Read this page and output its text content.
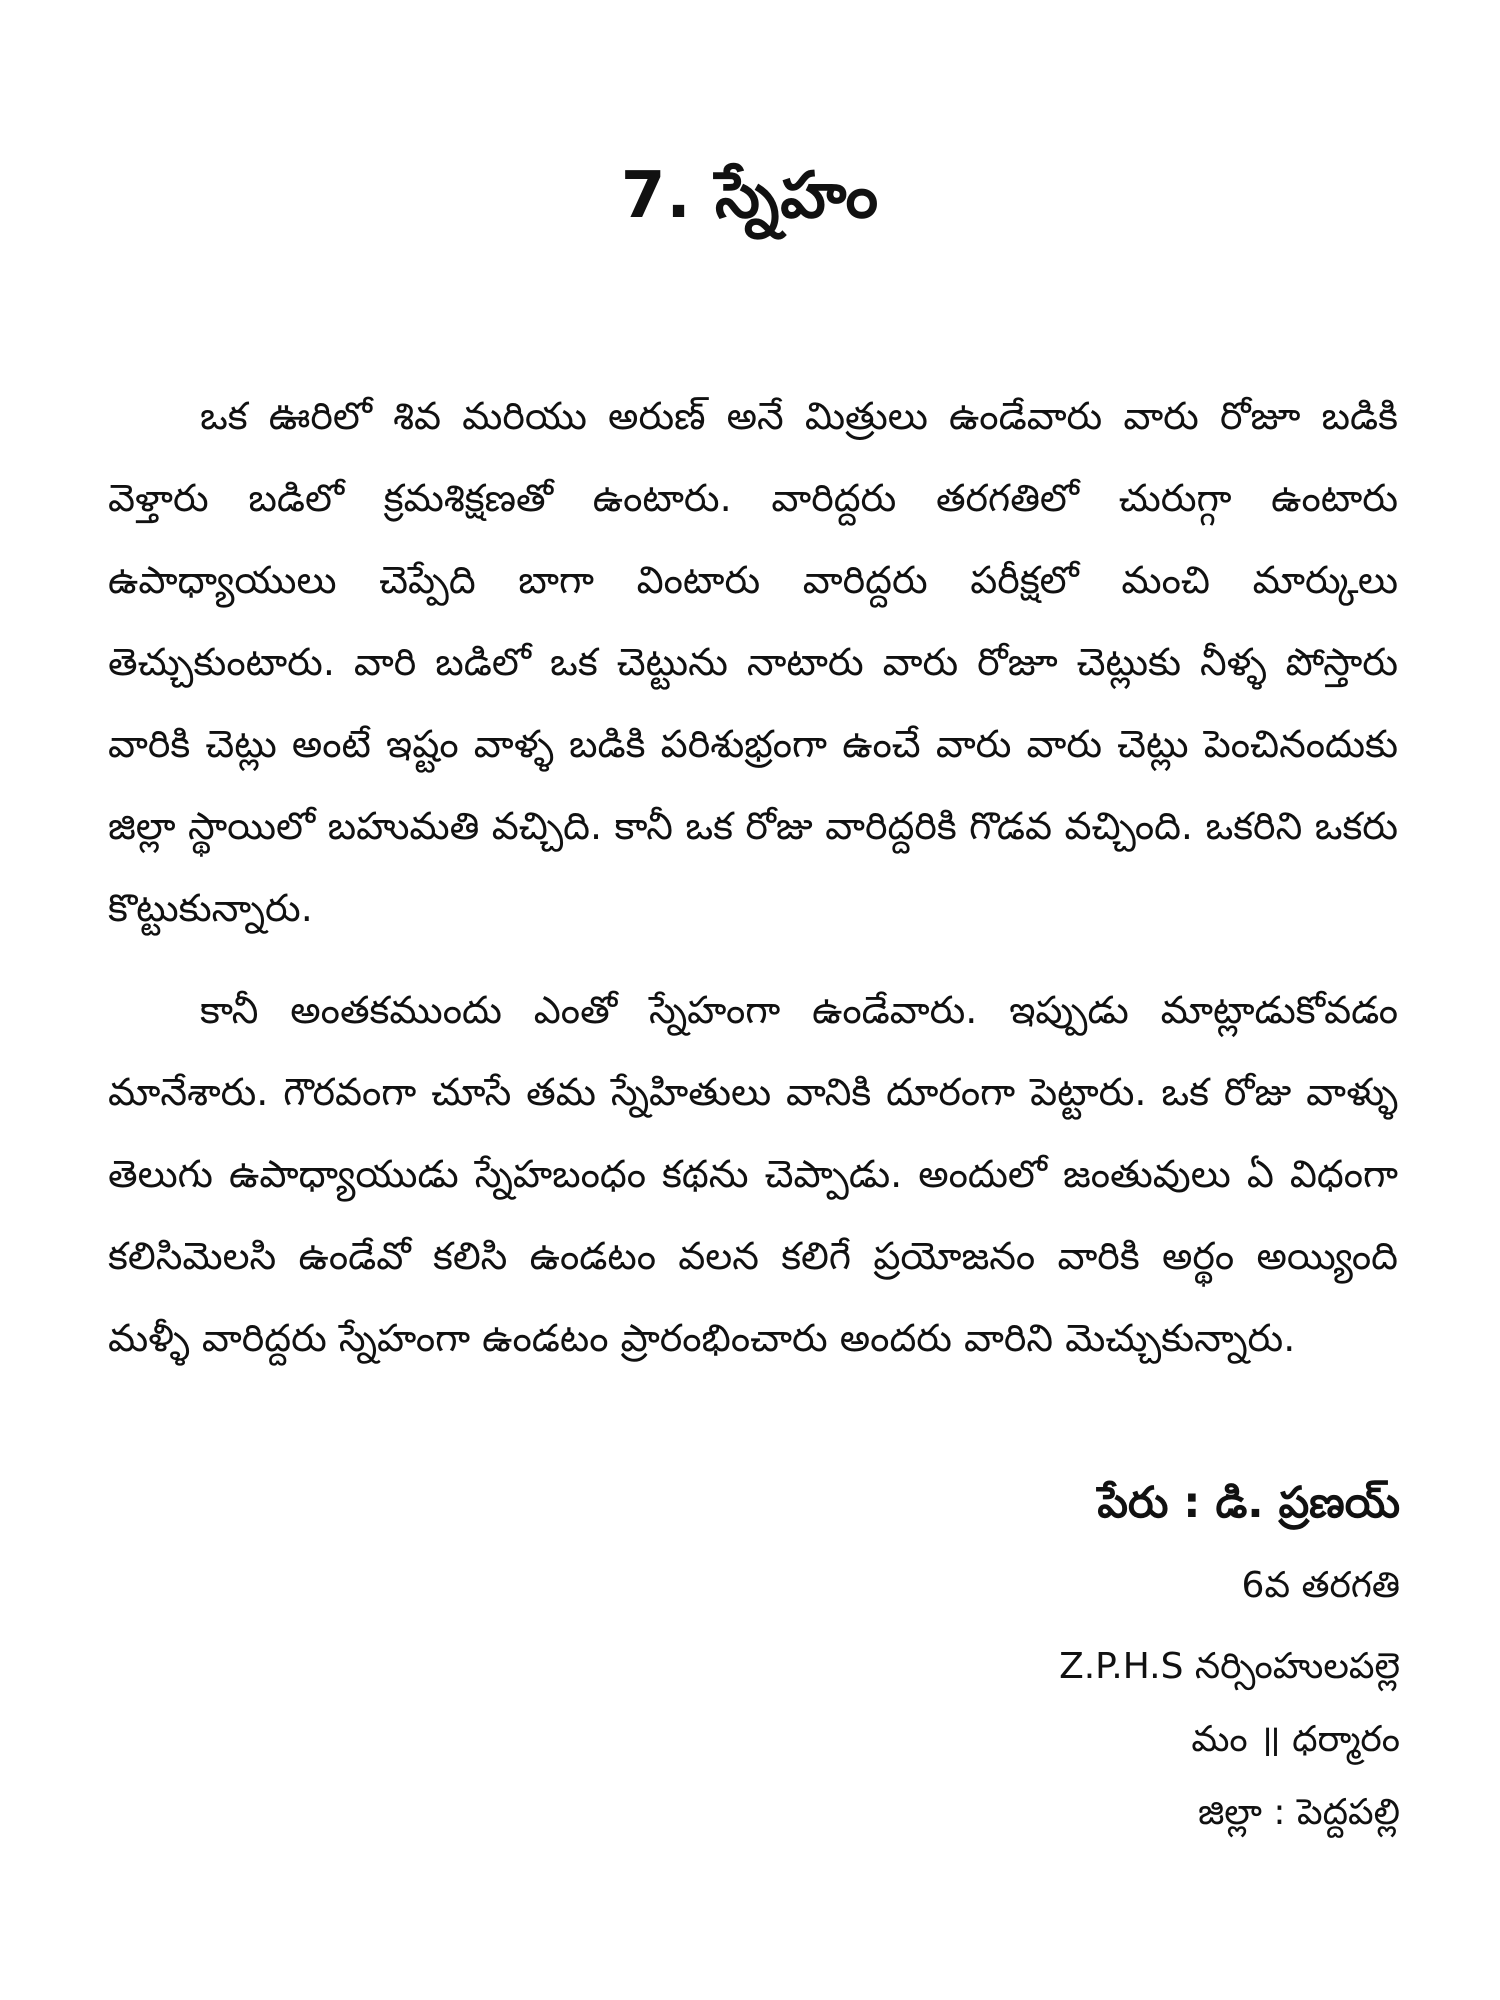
7. స్నేహం

ఒక ఊరిలో శివ మరియు అరుణ్ అనే మిత్రులు ఉండేవారు వారు రోజూ బడికి వెళ్తారు బడిలో క్రమశిక్షణతో ఉంటారు. వారిద్దరు తరగతిలో చురుగ్గా ఉంటారు ఉపాధ్యాయులు చెప్పేది బాగా వింటారు వారిద్దరు పరీక్షలో మంచి మార్కులు తెచ్చుకుంటారు. వారి బడిలో ఒక చెట్టును నాటారు వారు రోజూ చెట్లుకు నీళ్ళ పోస్తారు వారికి చెట్లు అంటే ఇష్టం వాళ్ళ బడికి పరిశుభ్రంగా ఉంచే వారు వారు చెట్లు పెంచినందుకు జిల్లా స్థాయిలో బహుమతి వచ్చిది. కానీ ఒక రోజు వారిద్దరికి గొడవ వచ్చింది. ఒకరిని ఒకరు కొట్టుకున్నారు.

కానీ అంతకముందు ఎంతో స్నేహంగా ఉండేవారు. ఇప్పుడు మాట్లాడుకోవడం మానేశారు. గౌరవంగా చూసే తమ స్నేహితులు వానికి దూరంగా పెట్టారు. ఒక రోజు వాళ్ళు తెలుగు ఉపాధ్యాయుడు స్నేహబంధం కథను చెప్పాడు. అందులో జంతువులు ఏ విధంగా కలిసిమెలసి ఉండేవో కలిసి ఉండటం వలన కలిగే ప్రయోజనం వారికి అర్థం అయ్యింది మళ్ళీ వారిద్దరు స్నేహంగా ఉండటం ప్రారంభించారు అందరు వారిని మెచ్చుకున్నారు.

పేరు : డి. ప్రణయ్
6వ తరగతి
Z.P.H.S నర్సింహులపల్లె
మం ॥ ధర్మారం
జిల్లా : పెద్దపల్లి
